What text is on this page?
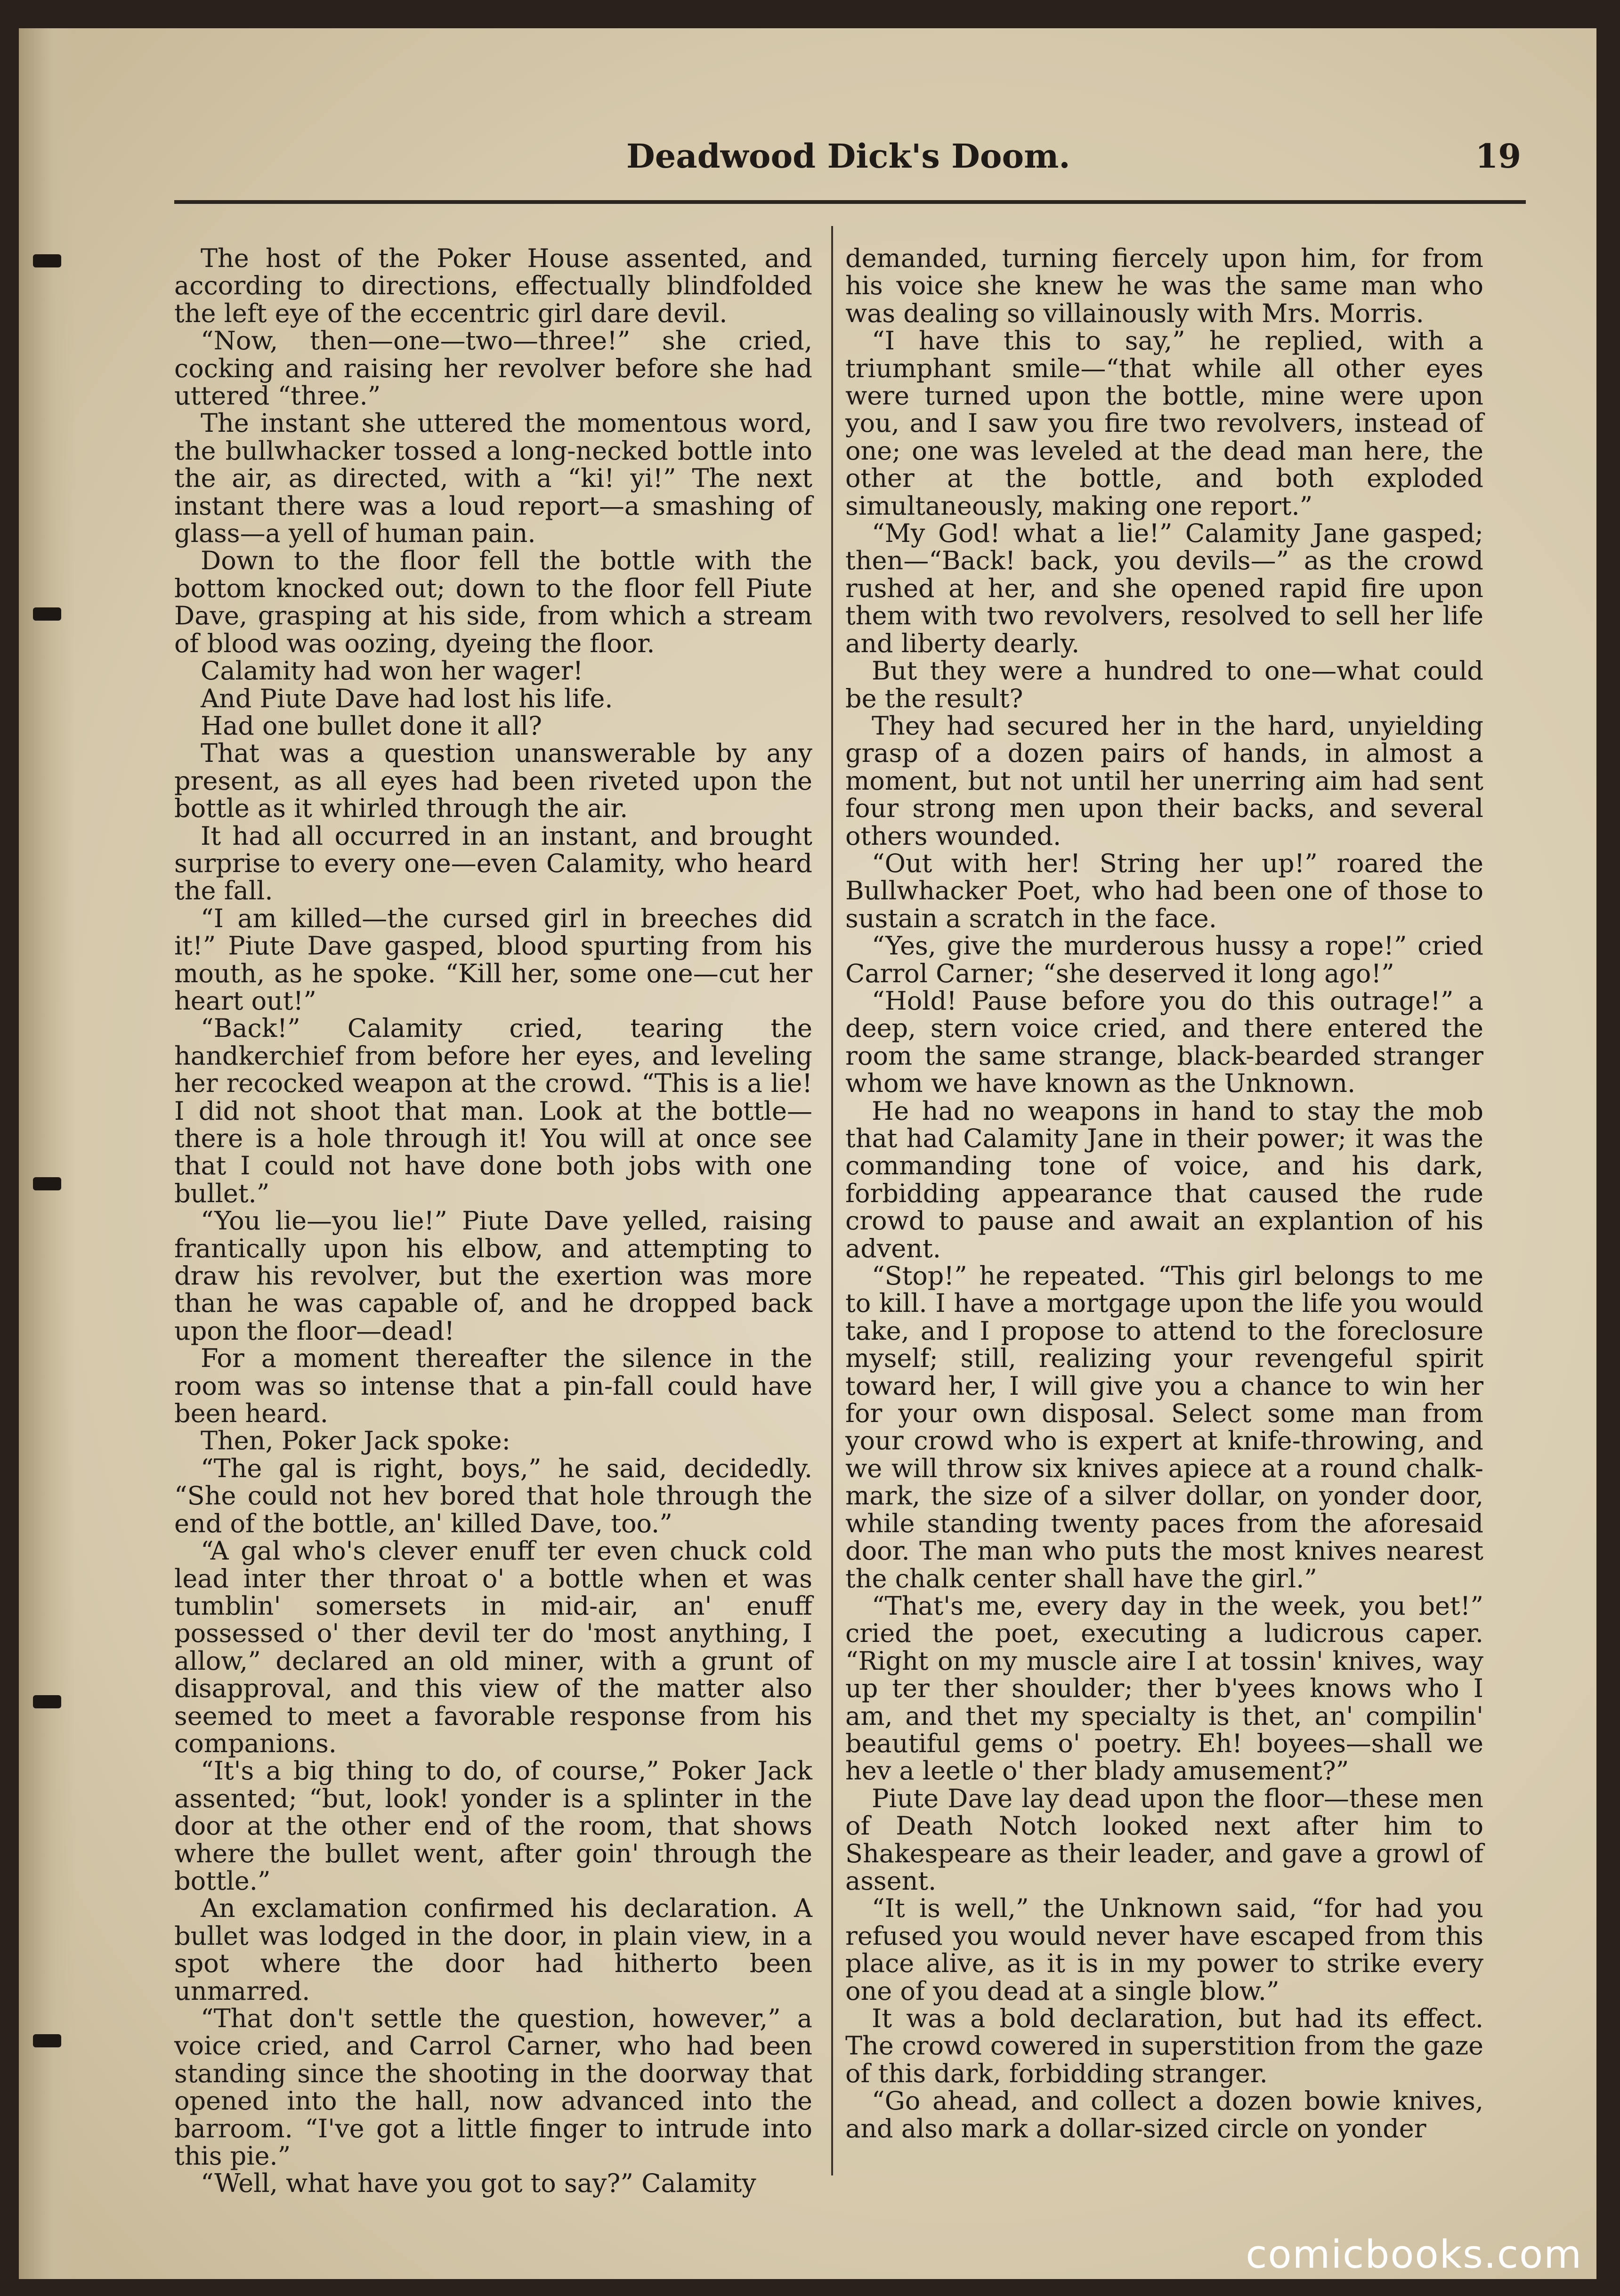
Deadwood Dick's Doom.	19

The host of the Poker House assented, and according to directions, effectually blindfolded the left eye of the eccentric girl dare devil.

“Now, then—one—two—three!” she cried, cocking and raising her revolver before she had uttered “three.”

The instant she uttered the momentous word, the bullwhacker tossed a long-necked bottle into the air, as directed, with a “ki! yi!” The next instant there was a loud report—a smashing of glass—a yell of human pain.

Down to the floor fell the bottle with the bottom knocked out; down to the floor fell Piute Dave, grasping at his side, from which a stream of blood was oozing, dyeing the floor.

Calamity had won her wager!

And Piute Dave had lost his life.

Had one bullet done it all?

That was a question unanswerable by any present, as all eyes had been riveted upon the bottle as it whirled through the air.

It had all occurred in an instant, and brought surprise to every one—even Calamity, who heard the fall.

“I am killed—the cursed girl in breeches did it!” Piute Dave gasped, blood spurting from his mouth, as he spoke. “Kill her, some one—cut her heart out!”

“Back!” Calamity cried, tearing the handkerchief from before her eyes, and leveling her recocked weapon at the crowd. “This is a lie! I did not shoot that man. Look at the bottle—there is a hole through it! You will at once see that I could not have done both jobs with one bullet.”

“You lie—you lie!” Piute Dave yelled, raising frantically upon his elbow, and attempting to draw his revolver, but the exertion was more than he was capable of, and he dropped back upon the floor—dead!

For a moment thereafter the silence in the room was so intense that a pin-fall could have been heard.

Then, Poker Jack spoke:

“The gal is right, boys,” he said, decidedly. “She could not hev bored that hole through the end of the bottle, an' killed Dave, too.”

“A gal who's clever enuff ter even chuck cold lead inter ther throat o' a bottle when et was tumblin' somersets in mid-air, an' enuff possessed o' ther devil ter do 'most anything, I allow,” declared an old miner, with a grunt of disapproval, and this view of the matter also seemed to meet a favorable response from his companions.

“It's a big thing to do, of course,” Poker Jack assented; “but, look! yonder is a splinter in the door at the other end of the room, that shows where the bullet went, after goin' through the bottle.”

An exclamation confirmed his declaration. A bullet was lodged in the door, in plain view, in a spot where the door had hitherto been unmarred.

“That don't settle the question, however,” a voice cried, and Carrol Carner, who had been standing since the shooting in the doorway that opened into the hall, now advanced into the barroom. “I've got a little finger to intrude into this pie.”

“Well, what have you got to say?” Calamity

demanded, turning fiercely upon him, for from his voice she knew he was the same man who was dealing so villainously with Mrs. Morris.

“I have this to say,” he replied, with a triumphant smile—“that while all other eyes were turned upon the bottle, mine were upon you, and I saw you fire two revolvers, instead of one; one was leveled at the dead man here, the other at the bottle, and both exploded simultaneously, making one report.”

“My God! what a lie!” Calamity Jane gasped; then—“Back! back, you devils—” as the crowd rushed at her, and she opened rapid fire upon them with two revolvers, resolved to sell her life and liberty dearly.

But they were a hundred to one—what could be the result?

They had secured her in the hard, unyielding grasp of a dozen pairs of hands, in almost a moment, but not until her unerring aim had sent four strong men upon their backs, and several others wounded.

“Out with her! String her up!” roared the Bullwhacker Poet, who had been one of those to sustain a scratch in the face.

“Yes, give the murderous hussy a rope!” cried Carrol Carner; “she deserved it long ago!”

“Hold! Pause before you do this outrage!” a deep, stern voice cried, and there entered the room the same strange, black-bearded stranger whom we have known as the Unknown.

He had no weapons in hand to stay the mob that had Calamity Jane in their power; it was the commanding tone of voice, and his dark, forbidding appearance that caused the rude crowd to pause and await an explantion of his advent.

“Stop!” he repeated. “This girl belongs to me to kill. I have a mortgage upon the life you would take, and I propose to attend to the foreclosure myself; still, realizing your revengeful spirit toward her, I will give you a chance to win her for your own disposal. Select some man from your crowd who is expert at knife-throwing, and we will throw six knives apiece at a round chalk-mark, the size of a silver dollar, on yonder door, while standing twenty paces from the aforesaid door. The man who puts the most knives nearest the chalk center shall have the girl.”

“That's me, every day in the week, you bet!” cried the poet, executing a ludicrous caper. “Right on my muscle aire I at tossin' knives, way up ter ther shoulder; ther b'yees knows who I am, and thet my specialty is thet, an' compilin' beautiful gems o' poetry. Eh! boyees—shall we hev a leetle o' ther blady amusement?”

Piute Dave lay dead upon the floor—these men of Death Notch looked next after him to Shakespeare as their leader, and gave a growl of assent.

“It is well,” the Unknown said, “for had you refused you would never have escaped from this place alive, as it is in my power to strike every one of you dead at a single blow.”

It was a bold declaration, but had its effect. The crowd cowered in superstition from the gaze of this dark, forbidding stranger.

“Go ahead, and collect a dozen bowie knives, and also mark a dollar-sized circle on yonder

comicbooks.com
